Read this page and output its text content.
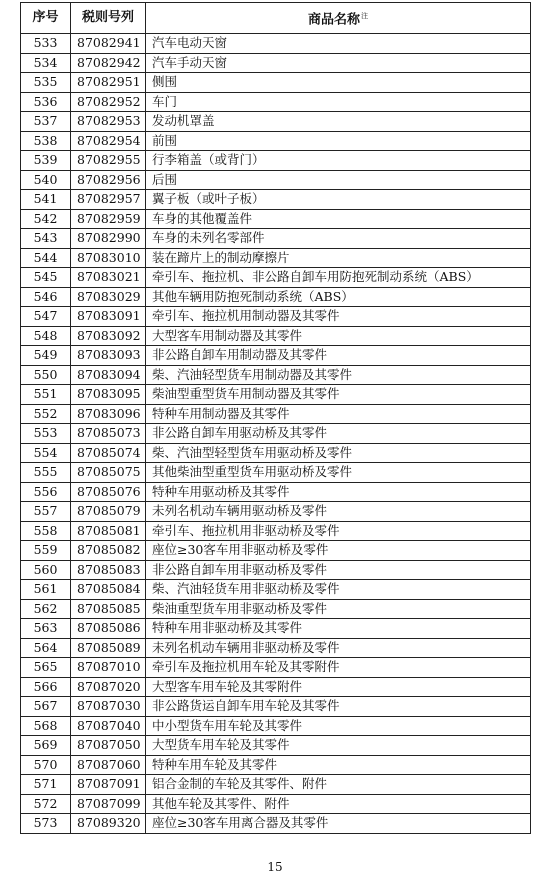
序号	税则号列	商品名称$^注$
533	87082941	汽车电动天窗
534	87082942	汽车手动天窗
535	87082951	侧围
536	87082952	车门
537	87082953	发动机罩盖
538	87082954	前围
539	87082955	行李箱盖（或背门）
540	87082956	后围
541	87082957	翼子板（或叶子板）
542	87082959	车身的其他覆盖件
543	87082990	车身的未列名零部件
544	87083010	装在蹄片上的制动摩擦片
545	87083021	牵引车、拖拉机、非公路自卸车用防抱死制动系统（ABS）
546	87083029	其他车辆用防抱死制动系统（ABS）
547	87083091	牵引车、拖拉机用制动器及其零件
548	87083092	大型客车用制动器及其零件
549	87083093	非公路自卸车用制动器及其零件
550	87083094	柴、汽油轻型货车用制动器及其零件
551	87083095	柴油型重型货车用制动器及其零件
552	87083096	特种车用制动器及其零件
553	87085073	非公路自卸车用驱动桥及其零件
554	87085074	柴、汽油型轻型货车用驱动桥及零件
555	87085075	其他柴油型重型货车用驱动桥及零件
556	87085076	特种车用驱动桥及其零件
557	87085079	未列名机动车辆用驱动桥及零件
558	87085081	牵引车、拖拉机用非驱动桥及零件
559	87085082	座位≥30客车用非驱动桥及零件
560	87085083	非公路自卸车用非驱动桥及零件
561	87085084	柴、汽油轻货车用非驱动桥及零件
562	87085085	柴油重型货车用非驱动桥及零件
563	87085086	特种车用非驱动桥及其零件
564	87085089	未列名机动车辆用非驱动桥及零件
565	87087010	牵引车及拖拉机用车轮及其零附件
566	87087020	大型客车用车轮及其零附件
567	87087030	非公路货运自卸车用车轮及其零件
568	87087040	中小型货车用车轮及其零件
569	87087050	大型货车用车轮及其零件
570	87087060	特种车用车轮及其零件
571	87087091	铝合金制的车轮及其零件、附件
572	87087099	其他车轮及其零件、附件
573	87089320	座位≥30客车用离合器及其零件
15
